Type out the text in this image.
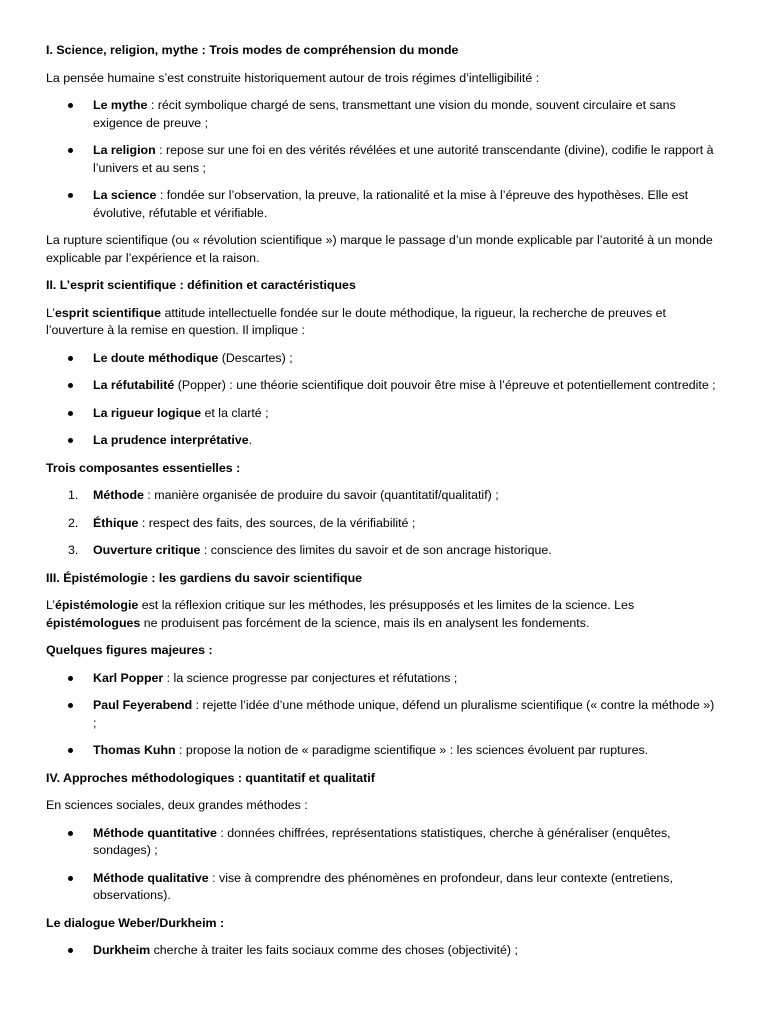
I. Science, religion, mythe : Trois modes de compréhension du monde

La pensée humaine s’est construite historiquement autour de trois régimes d’intelligibilité :

Le mythe : récit symbolique chargé de sens, transmettant une vision du monde, souvent circulaire et sans exigence de preuve ;
La religion : repose sur une foi en des vérités révélées et une autorité transcendante (divine), codifie le rapport à l’univers et au sens ;
La science : fondée sur l’observation, la preuve, la rationalité et la mise à l’épreuve des hypothèses. Elle est évolutive, réfutable et vérifiable.

La rupture scientifique (ou « révolution scientifique ») marque le passage d’un monde explicable par l’autorité à un monde explicable par l’expérience et la raison.

II. L’esprit scientifique : définition et caractéristiques

L’esprit scientifique attitude intellectuelle fondée sur le doute méthodique, la rigueur, la recherche de preuves et l’ouverture à la remise en question. Il implique :

Le doute méthodique (Descartes) ;
La réfutabilité (Popper) : une théorie scientifique doit pouvoir être mise à l’épreuve et potentiellement contredite ;
La rigueur logique et la clarté ;
La prudence interprétative.
Trois composantes essentielles :
1. Méthode : manière organisée de produire du savoir (quantitatif/qualitatif) ;
2. Éthique : respect des faits, des sources, de la vérifiabilité ;
3. Ouverture critique : conscience des limites du savoir et de son ancrage historique.
III. Épistémologie : les gardiens du savoir scientifique

L’épistémologie est la réflexion critique sur les méthodes, les présupposés et les limites de la science. Les épistémologues ne produisent pas forcément de la science, mais ils en analysent les fondements.

Quelques figures majeures :
Karl Popper : la science progresse par conjectures et réfutations ;
Paul Feyerabend : rejette l’idée d’une méthode unique, défend un pluralisme scientifique (« contre la méthode ») ;
Thomas Kuhn : propose la notion de « paradigme scientifique » : les sciences évoluent par ruptures.
IV. Approches méthodologiques : quantitatif et qualitatif

En sciences sociales, deux grandes méthodes :

Méthode quantitative : données chiffrées, représentations statistiques, cherche à généraliser (enquêtes, sondages) ;
Méthode qualitative : vise à comprendre des phénomènes en profondeur, dans leur contexte (entretiens, observations).
Le dialogue Weber/Durkheim :
Durkheim cherche à traiter les faits sociaux comme des choses (objectivité) ;
